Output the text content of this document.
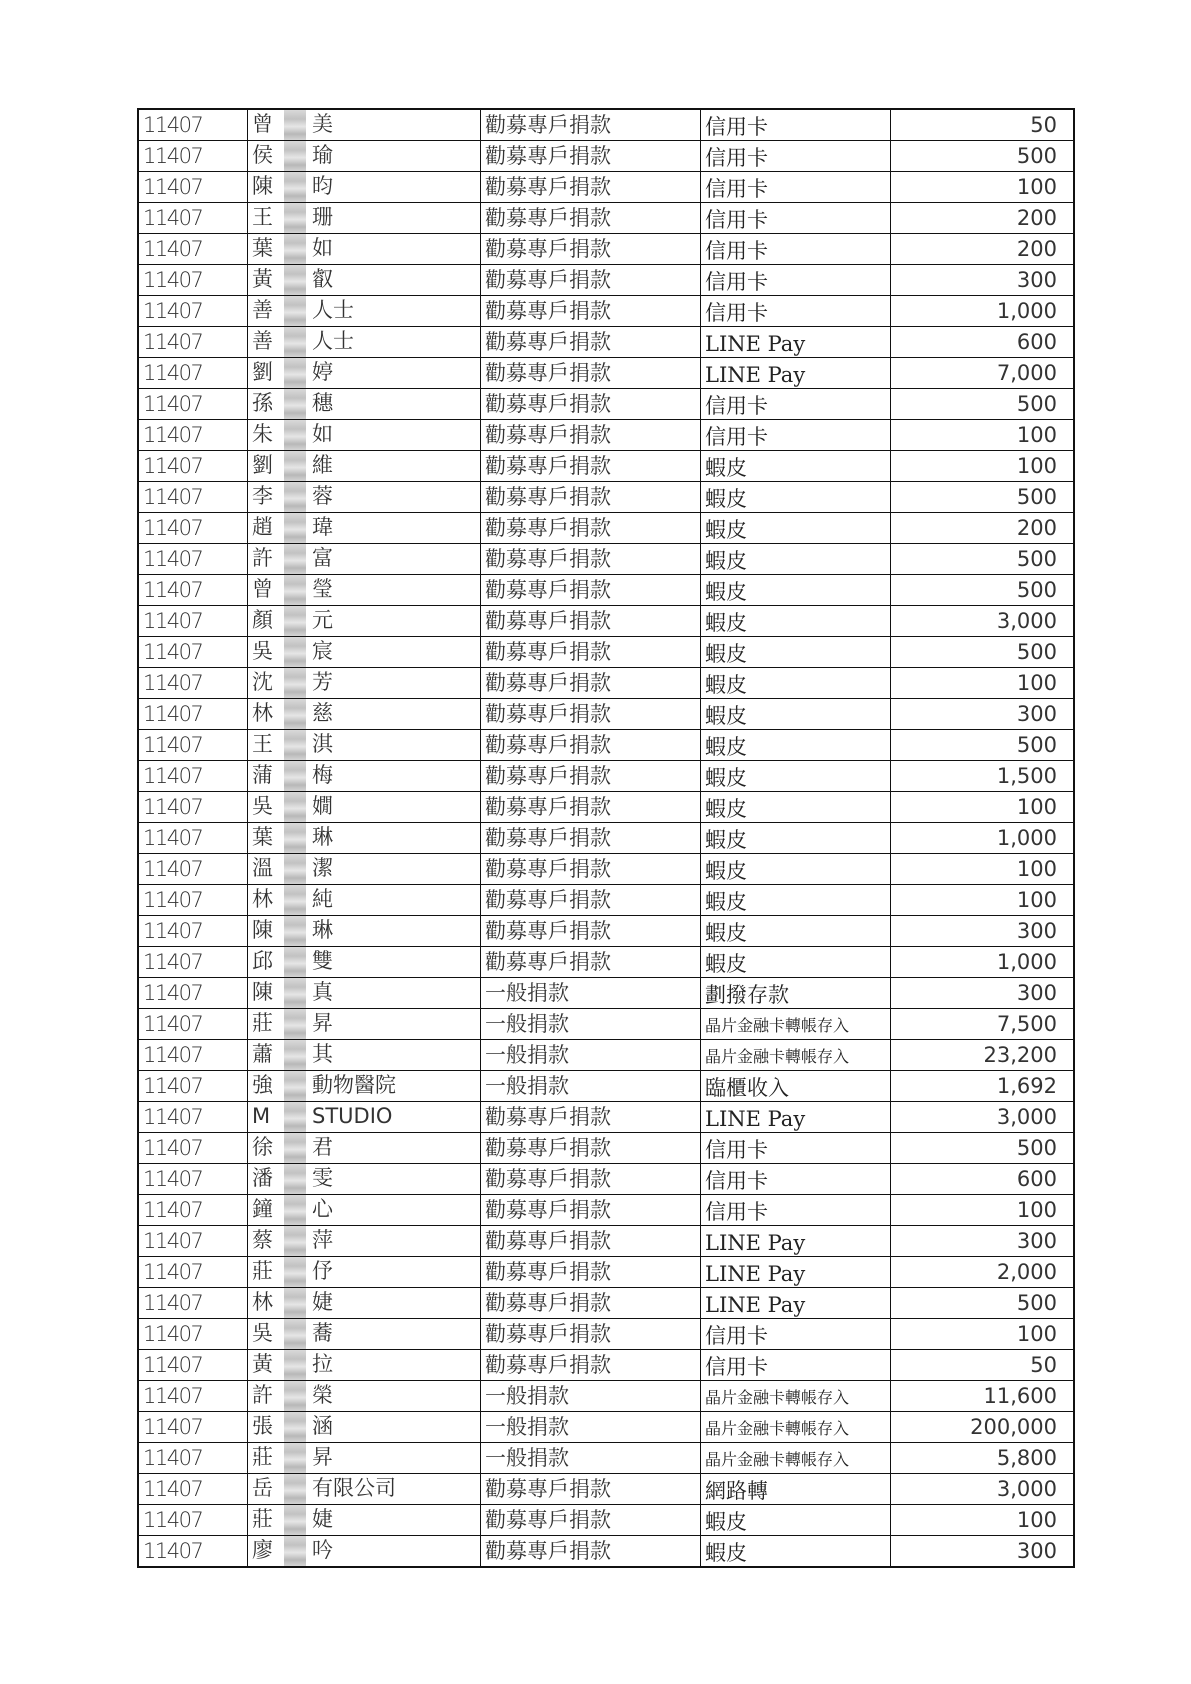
11407	曾 美	勸募專戶捐款	信用卡	50
11407	侯 瑜	勸募專戶捐款	信用卡	500
11407	陳 昀	勸募專戶捐款	信用卡	100
11407	王 珊	勸募專戶捐款	信用卡	200
11407	葉 如	勸募專戶捐款	信用卡	200
11407	黃 叡	勸募專戶捐款	信用卡	300
11407	善 人士	勸募專戶捐款	信用卡	1,000
11407	善 人士	勸募專戶捐款	LINE Pay	600
11407	劉 婷	勸募專戶捐款	LINE Pay	7,000
11407	孫 穗	勸募專戶捐款	信用卡	500
11407	朱 如	勸募專戶捐款	信用卡	100
11407	劉 維	勸募專戶捐款	蝦皮	100
11407	李 蓉	勸募專戶捐款	蝦皮	500
11407	趙 瑋	勸募專戶捐款	蝦皮	200
11407	許 富	勸募專戶捐款	蝦皮	500
11407	曾 瑩	勸募專戶捐款	蝦皮	500
11407	顏 元	勸募專戶捐款	蝦皮	3,000
11407	吳 宸	勸募專戶捐款	蝦皮	500
11407	沈 芳	勸募專戶捐款	蝦皮	100
11407	林 慈	勸募專戶捐款	蝦皮	300
11407	王 淇	勸募專戶捐款	蝦皮	500
11407	蒲 梅	勸募專戶捐款	蝦皮	1,500
11407	吳 嫺	勸募專戶捐款	蝦皮	100
11407	葉 琳	勸募專戶捐款	蝦皮	1,000
11407	溫 潔	勸募專戶捐款	蝦皮	100
11407	林 純	勸募專戶捐款	蝦皮	100
11407	陳 琳	勸募專戶捐款	蝦皮	300
11407	邱 雙	勸募專戶捐款	蝦皮	1,000
11407	陳 真	一般捐款	劃撥存款	300
11407	莊 昇	一般捐款	晶片金融卡轉帳存入	7,500
11407	蕭 其	一般捐款	晶片金融卡轉帳存入	23,200
11407	強 動物醫院	一般捐款	臨櫃收入	1,692
11407	M STUDIO	勸募專戶捐款	LINE Pay	3,000
11407	徐 君	勸募專戶捐款	信用卡	500
11407	潘 雯	勸募專戶捐款	信用卡	600
11407	鐘 心	勸募專戶捐款	信用卡	100
11407	蔡 萍	勸募專戶捐款	LINE Pay	300
11407	莊 伃	勸募專戶捐款	LINE Pay	2,000
11407	林 婕	勸募專戶捐款	LINE Pay	500
11407	吳 蕎	勸募專戶捐款	信用卡	100
11407	黃 拉	勸募專戶捐款	信用卡	50
11407	許 榮	一般捐款	晶片金融卡轉帳存入	11,600
11407	張 涵	一般捐款	晶片金融卡轉帳存入	200,000
11407	莊 昇	一般捐款	晶片金融卡轉帳存入	5,800
11407	岳 有限公司	勸募專戶捐款	網路轉	3,000
11407	莊 婕	勸募專戶捐款	蝦皮	100
11407	廖 吟	勸募專戶捐款	蝦皮	300
